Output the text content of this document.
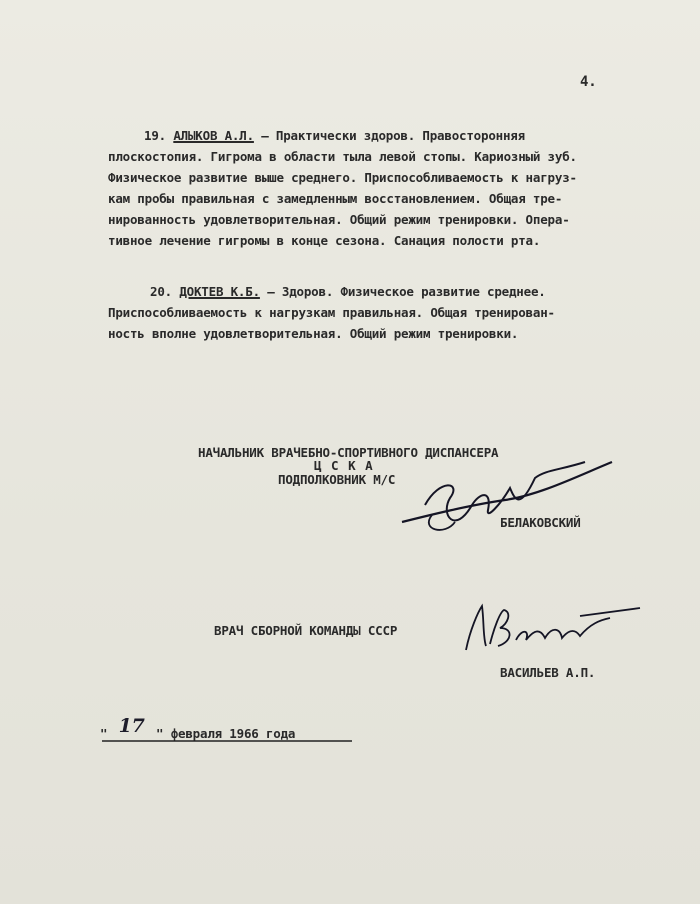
4.
19. АЛЫКОВ А.Л. – Практически здоров. Правосторонняя
плоскостопия. Гигрома в области тыла левой стопы. Кариозный зуб.
Физическое развитие выше среднего. Приспособливаемость к нагруз-
кам пробы правильная с замедленным восстановлением. Общая тре-
нированность удовлетворительная. Общий режим тренировки. Опера-
тивное лечение гигромы в конце сезона. Санация полости рта.
20. ДОКТЕВ К.Б. – Здоров. Физическое развитие среднее.
Приспособливаемость к нагрузкам правильная. Общая тренирован-
ность вполне удовлетворительная. Общий режим тренировки.
НАЧАЛЬНИК ВРАЧЕБНО-СПОРТИВНОГО ДИСПАНСЕРА
Ц С К А
ПОДПОЛКОВНИК М/С
БЕЛАКОВСКИЙ
ВРАЧ СБОРНОЙ КОМАНДЫ СССР
ВАСИЛЬЕВ А.П.
" 17 " февраля 1966 года
